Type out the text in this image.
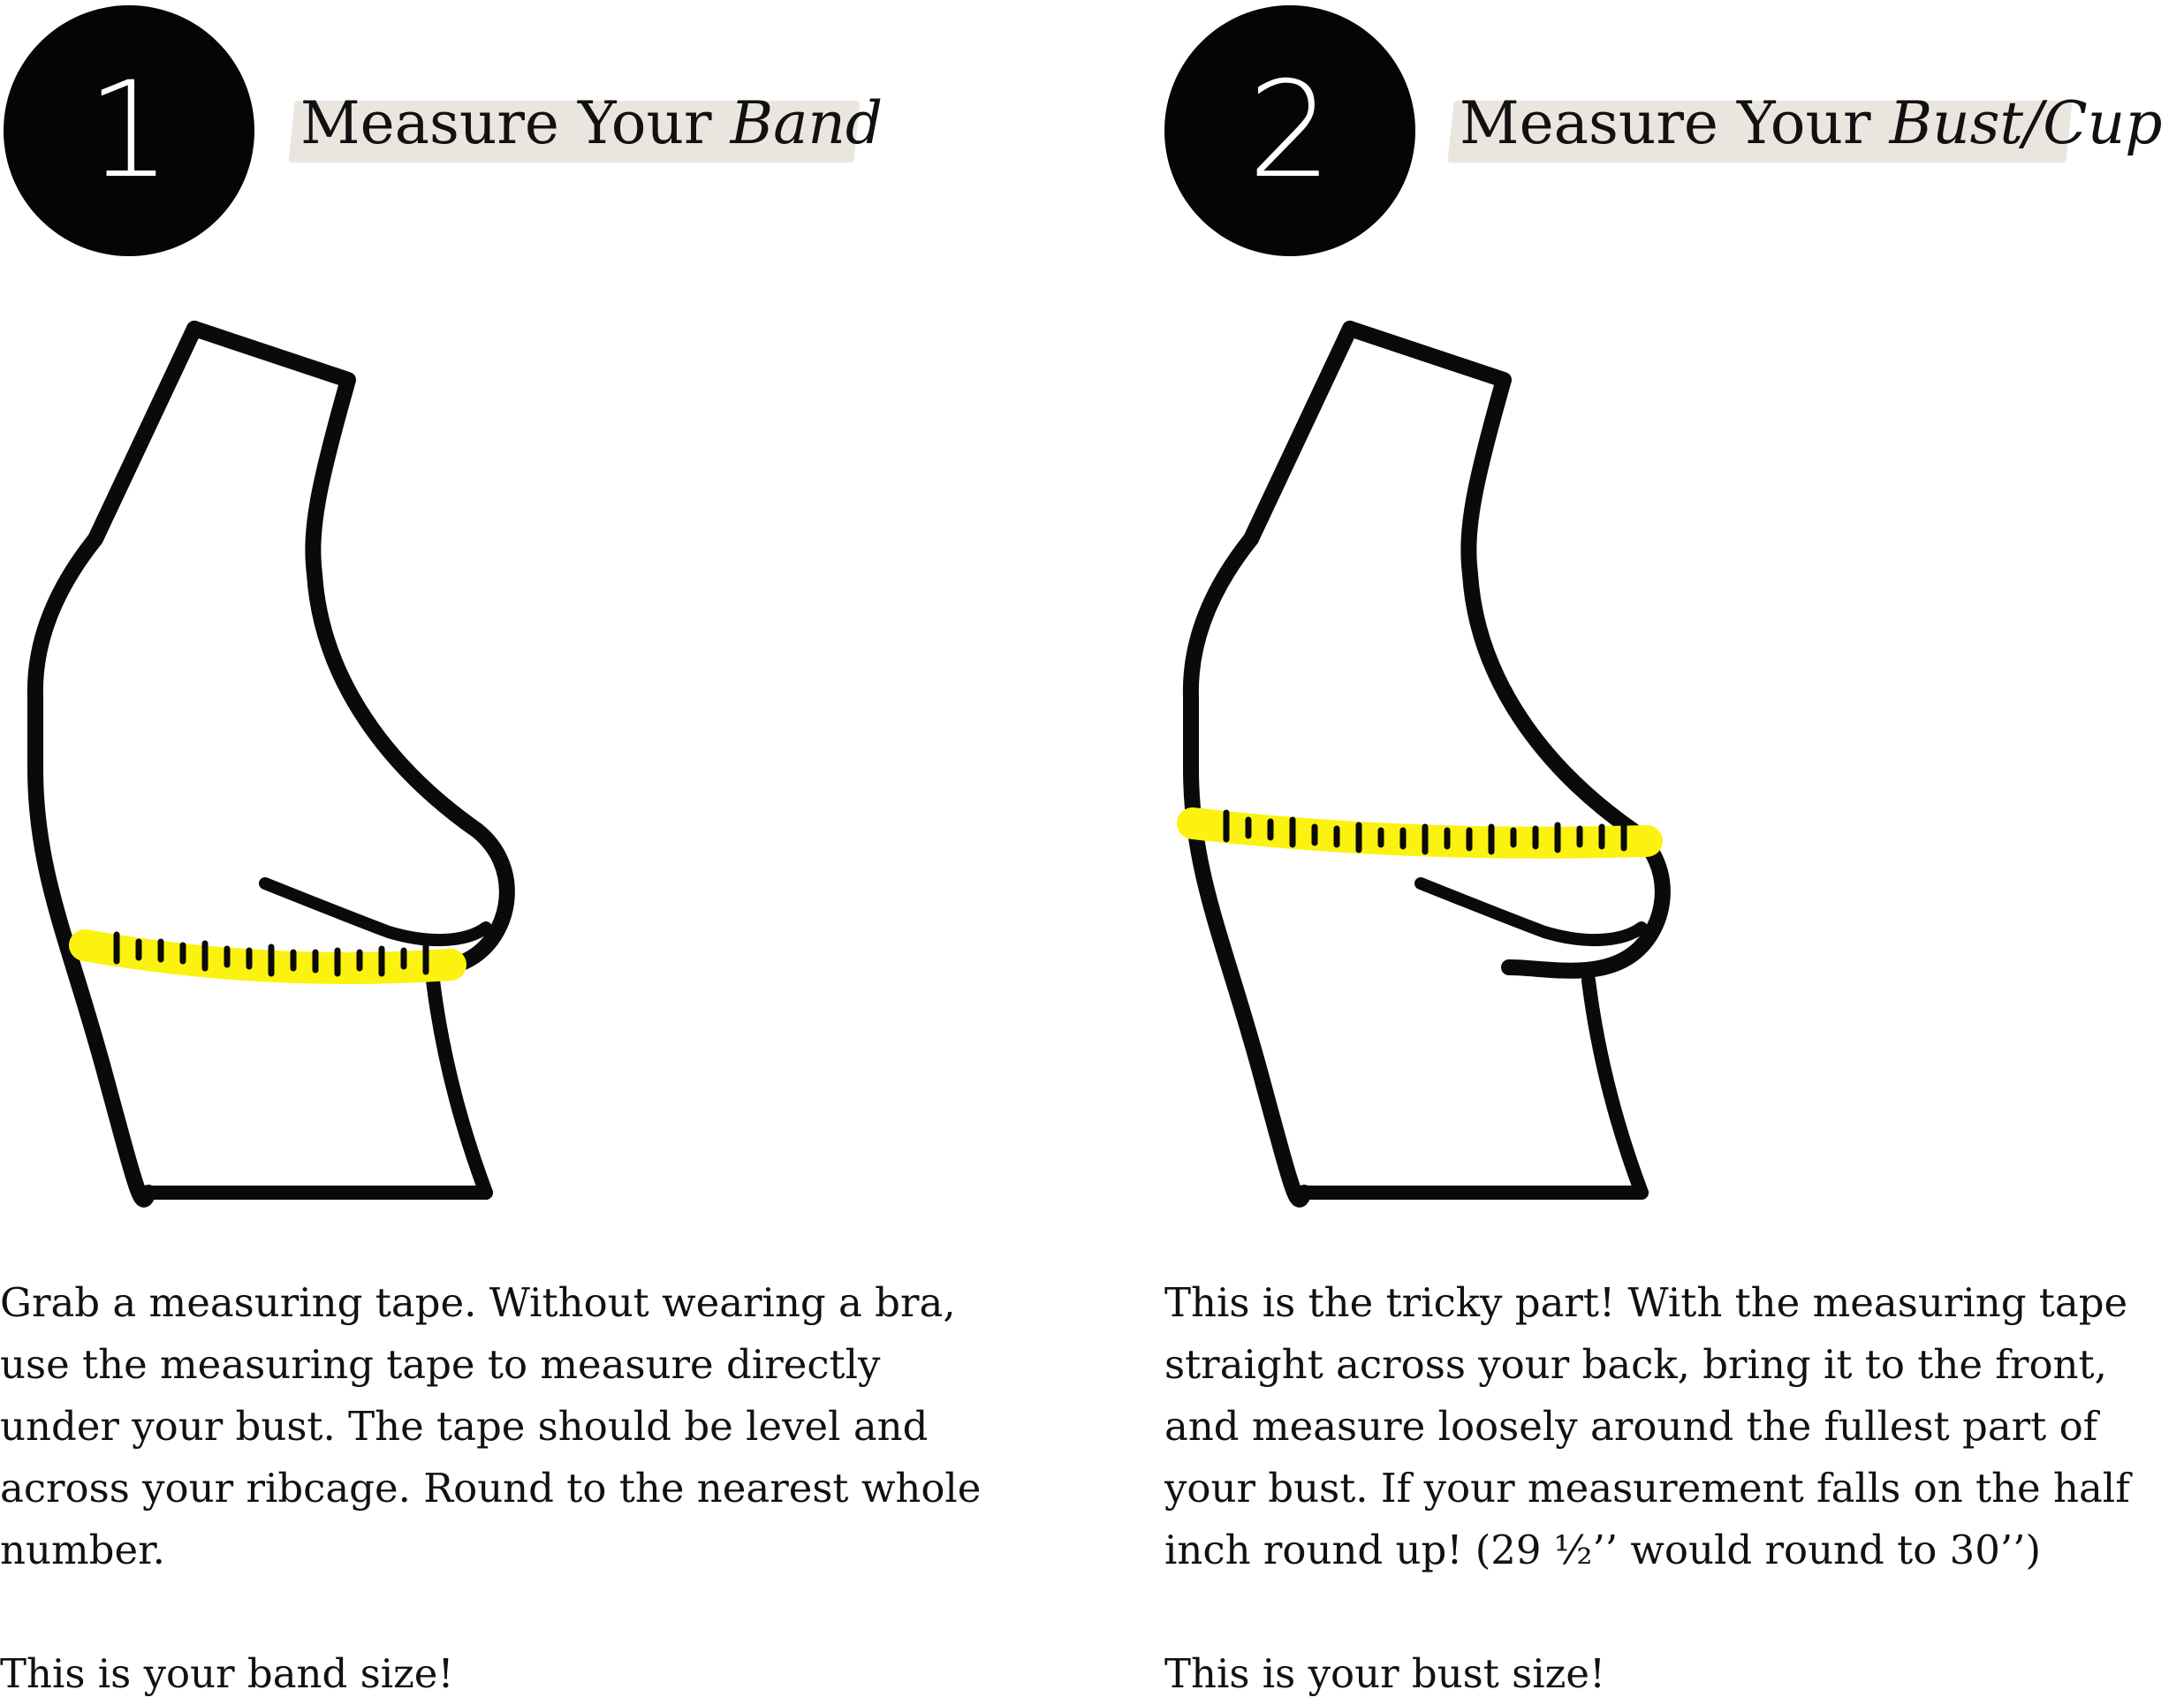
1 Measure Your Band

Grab a measuring tape. Without wearing a bra,
use the measuring tape to measure directly
under your bust. The tape should be level and
across your ribcage. Round to the nearest whole
number.

This is your band size!

2 Measure Your Bust/Cup

This is the tricky part! With the measuring tape
straight across your back, bring it to the front,
and measure loosely around the fullest part of
your bust. If your measurement falls on the half
inch round up! (29 ½’’ would round to 30’’)

This is your bust size!
